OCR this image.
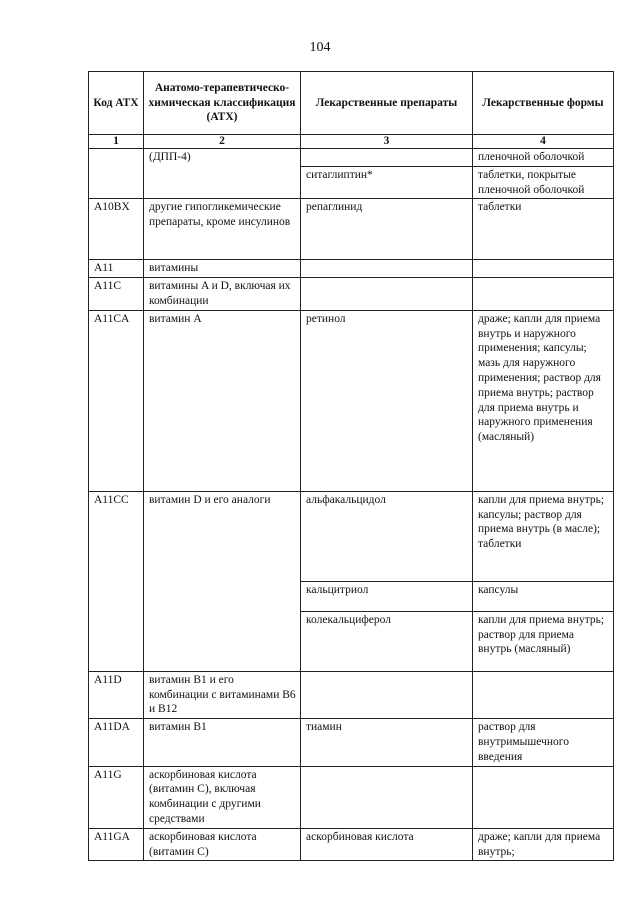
104
Код АТХ	Анатомо-терапевтическо-химическая классификация (АТХ)	Лекарственные препараты	Лекарственные формы
1	2	3	4
	(ДПП-4)		пленочной оболочкой
		ситаглиптин*	таблетки, покрытые пленочной оболочкой
A10BX	другие гипогликемические препараты, кроме инсулинов	репаглинид	таблетки
A11	витамины		
A11C	витамины A и D, включая их комбинации		
A11CA	витамин A	ретинол	драже; капли для приема внутрь и наружного применения; капсулы; мазь для наружного применения; раствор для приема внутрь; раствор для приема внутрь и наружного применения (масляный)
A11CC	витамин D и его аналоги	альфакальцидол	капли для приема внутрь; капсулы; раствор для приема внутрь (в масле); таблетки
		кальцитриол	капсулы
		колекальциферол	капли для приема внутрь; раствор для приема внутрь (масляный)
A11D	витамин B1 и его комбинации с витаминами B6 и B12		
A11DA	витамин B1	тиамин	раствор для внутримышечного введения
A11G	аскорбиновая кислота (витамин C), включая комбинации с другими средствами		
A11GA	аскорбиновая кислота (витамин C)	аскорбиновая кислота	драже; капли для приема внутрь;
